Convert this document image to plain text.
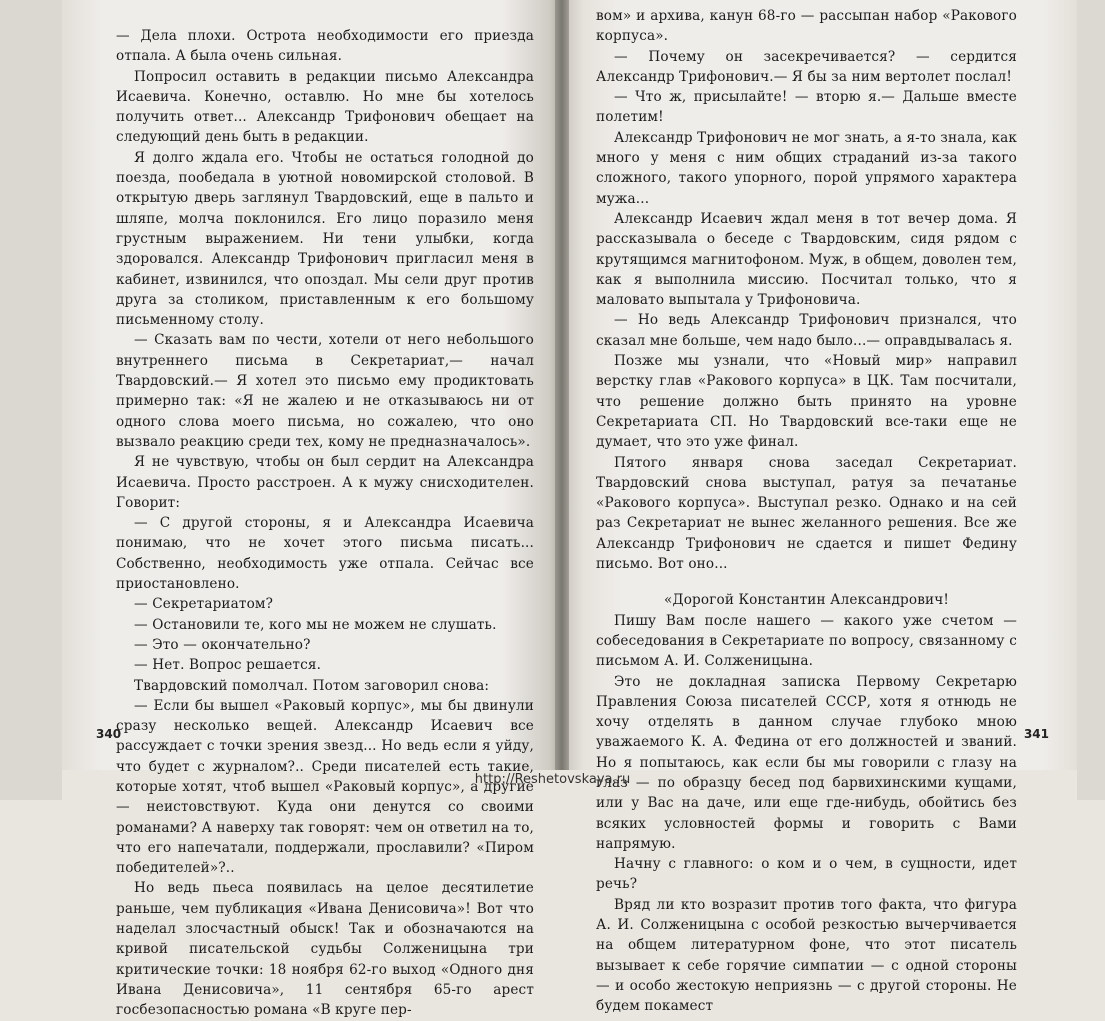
— Дела плохи. Острота необходимости его приезда отпала. А была очень сильная.

Попросил оставить в редакции письмо Александра Исаевича. Конечно, оставлю. Но мне бы хотелось получить ответ... Александр Трифонович обещает на следующий день быть в редакции.

Я долго ждала его. Чтобы не остаться голодной до поезда, пообедала в уютной новомирской столовой. В открытую дверь заглянул Твардовский, еще в пальто и шляпе, молча поклонился. Его лицо поразило меня грустным выражением. Ни тени улыбки, когда здоровался. Александр Трифонович пригласил меня в кабинет, извинился, что опоздал. Мы сели друг против друга за столиком, приставленным к его большому письменному столу.

— Сказать вам по чести, хотели от него небольшого внутреннего письма в Секретариат,— начал Твардовский.— Я хотел это письмо ему продиктовать примерно так: «Я не жалею и не отказываюсь ни от одного слова моего письма, но сожалею, что оно вызвало реакцию среди тех, кому не предназначалось».

Я не чувствую, чтобы он был сердит на Александра Исаевича. Просто расстроен. А к мужу снисходителен. Говорит:

— С другой стороны, я и Александра Исаевича понимаю, что не хочет этого письма писать... Собственно, необходимость уже отпала. Сейчас все приостановлено.

— Секретариатом?

— Остановили те, кого мы не можем не слушать.

— Это — окончательно?

— Нет. Вопрос решается.

Твардовский помолчал. Потом заговорил снова:

— Если бы вышел «Раковый корпус», мы бы двинули сразу несколько вещей. Александр Исаевич все рассуждает с точки зрения звезд... Но ведь если я уйду, что будет с журналом?.. Среди писателей есть такие, которые хотят, чтоб вышел «Раковый корпус», а другие — неистовствуют. Куда они денутся со своими романами? А наверху так говорят: чем он ответил на то, что его напечатали, поддержали, прославили? «Пиром победителей»?..

Но ведь пьеса появилась на целое десятилетие раньше, чем публикация «Ивана Денисовича»! Вот что наделал злосчастный обыск! Так и обозначаются на кривой писательской судьбы Солженицына три критические точки: 18 ноября 62-го выход «Одного дня Ивана Денисовича», 11 сентября 65-го арест госбезопасностью романа «В круге пер-

340

вом» и архива, канун 68-го — рассыпан набор «Ракового корпуса».

— Почему он засекречивается? — сердится Александр Трифонович.— Я бы за ним вертолет послал!

— Что ж, присылайте! — вторю я.— Дальше вместе полетим!

Александр Трифонович не мог знать, а я-то знала, как много у меня с ним общих страданий из-за такого сложного, такого упорного, порой упрямого характера мужа...

Александр Исаевич ждал меня в тот вечер дома. Я рассказывала о беседе с Твардовским, сидя рядом с крутящимся магнитофоном. Муж, в общем, доволен тем, как я выполнила миссию. Посчитал только, что я маловато выпытала у Трифоновича.

— Но ведь Александр Трифонович признался, что сказал мне больше, чем надо было...— оправдывалась я.

Позже мы узнали, что «Новый мир» направил верстку глав «Ракового корпуса» в ЦК. Там посчитали, что решение должно быть принято на уровне Секретариата СП. Но Твардовский все-таки еще не думает, что это уже финал.

Пятого января снова заседал Секретариат. Твардовский снова выступал, ратуя за печатанье «Ракового корпуса». Выступал резко. Однако и на сей раз Секретариат не вынес желанного решения. Все же Александр Трифонович не сдается и пишет Федину письмо. Вот оно...

«Дорогой Константин Александрович!

Пишу Вам после нашего — какого уже счетом — собеседования в Секретариате по вопросу, связанному с письмом А. И. Солженицына.

Это не докладная записка Первому Секретарю Правления Союза писателей СССР, хотя я отнюдь не хочу отделять в данном случае глубоко мною уважаемого К. А. Федина от его должностей и званий. Но я попытаюсь, как если бы мы говорили с глазу на глаз — по образцу бесед под барвихинскими кущами, или у Вас на даче, или еще где-нибудь, обойтись без всяких условностей формы и говорить с Вами напрямую.

Начну с главного: о ком и о чем, в сущности, идет речь?

Вряд ли кто возразит против того факта, что фигура А. И. Солженицына с особой резкостью вычерчивается на общем литературном фоне, что этот писатель вызывает к себе горячие симпатии — с одной стороны — и особо жестокую неприязнь — с другой стороны. Не будем покамест

341
http://Reshetovskaya.ru
